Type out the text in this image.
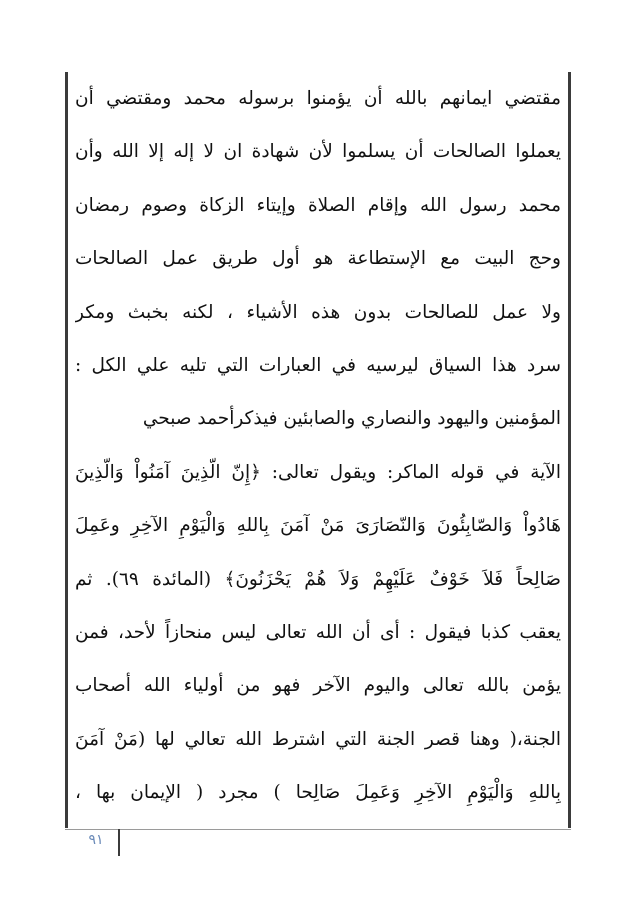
مقتضي ايمانهم بالله أن يؤمنوا برسوله محمد ومقتضي أن
يعملوا الصالحات أن يسلموا لأن شهادة ان لا إله إلا الله وأن
محمد رسول الله وإقام الصلاة وإيتاء الزكاة وصوم رمضان
وحج البيت مع الإستطاعة هو أول طريق عمل الصالحات
ولا عمل للصالحات بدون هذه الأشياء ، لكنه بخبث ومكر
سرد هذا السياق ليرسيه في العبارات التي تليه علي الكل :
المؤمنين واليهود والنصاري والصابئين فيذكرأحمد صبحي
الآية في قوله الماكر: ويقول تعالى: ﴿إِنّ الّذِينَ آمَنُواْ وَالّذِينَ
هَادُواْ وَالصّابِئُونَ وَالنّصَارَىَ مَنْ آمَنَ بِاللهِ وَالْيَوْمِ الآخِرِ وعَمِلَ
صَالِحاً فَلاَ خَوْفٌ عَلَيْهِمْ وَلاَ هُمْ يَحْزَنُونَ﴾ (المائدة ٦٩). ثم
يعقب كذبا فيقول : أى أن الله تعالى ليس منحازاً لأحد، فمن
يؤمن بالله تعالى واليوم الآخر فهو من أولياء الله أصحاب
الجنة،( وهنا قصر الجنة التي اشترط الله تعالي لها (مَنْ آمَنَ
بِاللهِ وَالْيَوْمِ الآخِرِ وَعَمِلَ صَالِحا ) مجرد ( الإيمان بها ،
٩١
